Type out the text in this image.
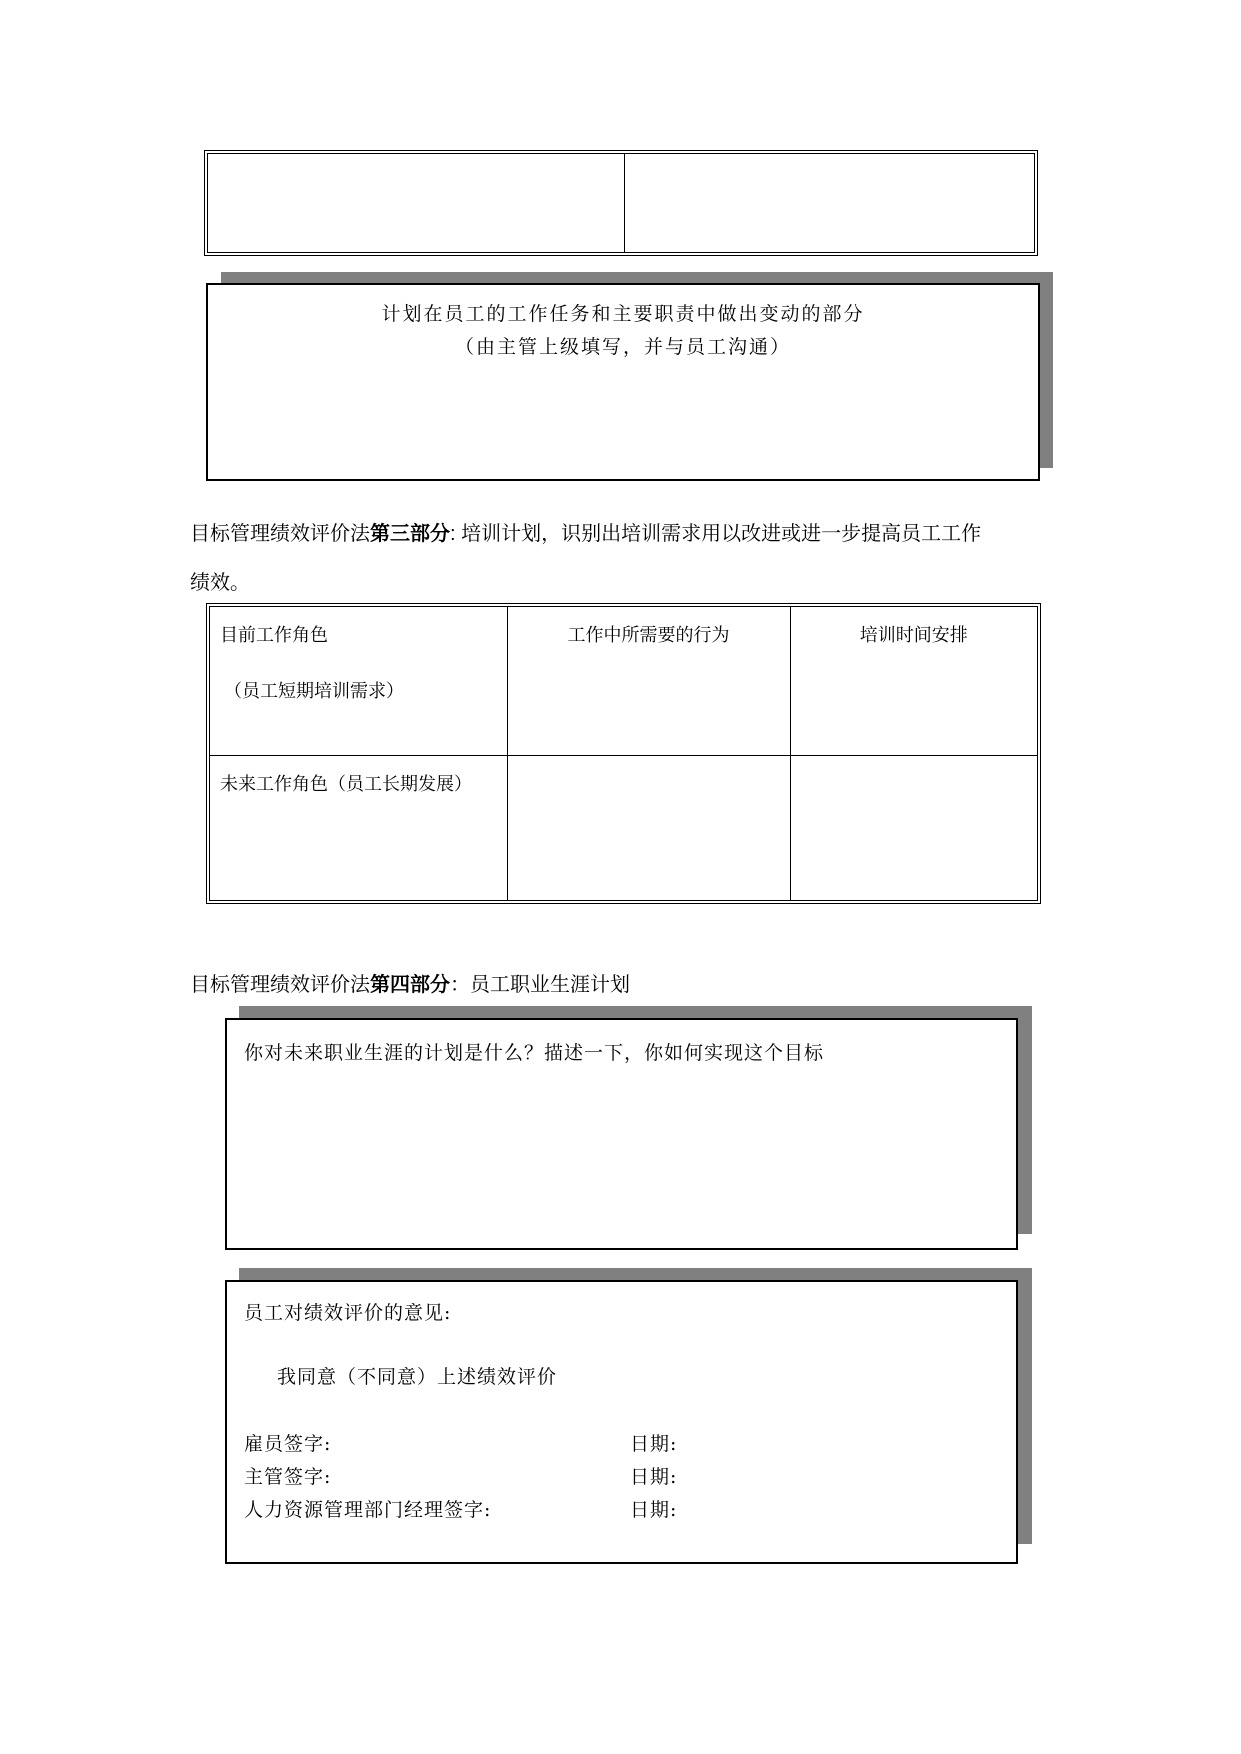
计划在员工的工作任务和主要职责中做出变动的部分
（由主管上级填写，并与员工沟通）
目标管理绩效评价法第三部分: 培训计划，识别出培训需求用以改进或进一步提高员工工作
绩效。
目前工作角色
（员工短期培训需求）	工作中所需要的行为	培训时间安排

未来工作角色（员工长期发展）		

目标管理绩效评价法第四部分：员工职业生涯计划
你对未来职业生涯的计划是什么？描述一下，你如何实现这个目标
员工对绩效评价的意见:
我同意（不同意）上述绩效评价
雇员签字:	日期:
主管签字:	日期:
人力资源管理部门经理签字:	日期:
